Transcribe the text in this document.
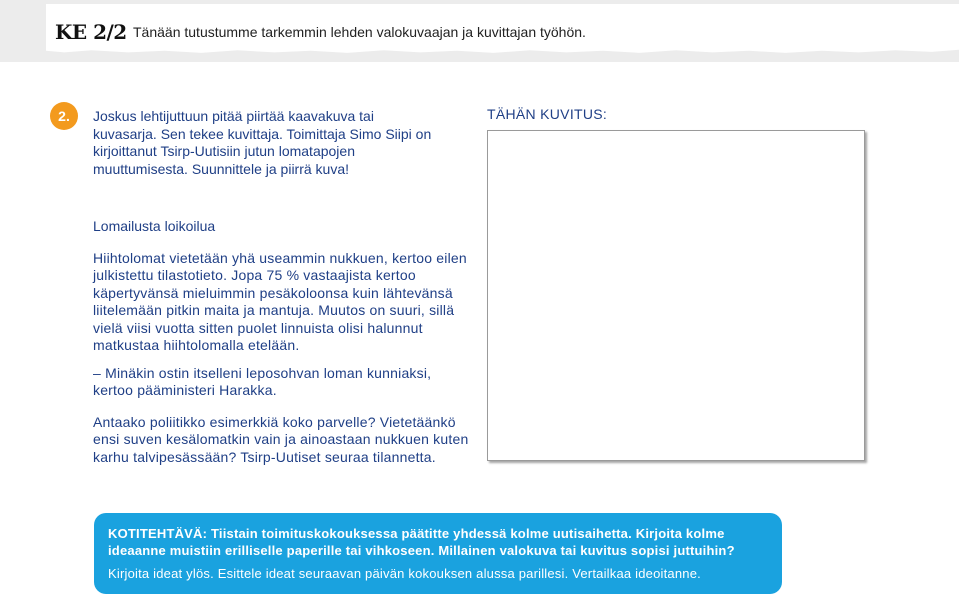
KE 2/2 Tänään tutustumme tarkemmin lehden valokuvaajan ja kuvittajan työhön.
2.	Joskus lehtijuttuun pitää piirtää kaavakuva tai kuvasarja. Sen tekee kuvittaja. Toimittaja Simo Siipi on kirjoittanut Tsirp-Uutisiin jutun lomatapojen muuttumisesta. Suunnittele ja piirrä kuva!
Lomailusta loikoilua
Hiihtolomat vietetään yhä useammin nukkuen, kertoo eilen julkistettu tilastotieto. Jopa 75 % vastaajista kertoo käpertyvänsä mieluimmin pesäkoloonsa kuin lähtevänsä liitelemään pitkin maita ja mantuja. Muutos on suuri, sillä vielä viisi vuotta sitten puolet linnuista olisi halunnut matkustaa hiihtolomalla etelään.
– Minäkin ostin itselleni leposohvan loman kunniaksi, kertoo pääministeri Harakka.
Antaako poliitikko esimerkkiä koko parvelle? Vietetäänkö ensi suven kesälomatkin vain ja ainoastaan nukkuen kuten karhu talvipesässään? Tsirp-Uutiset seuraa tilannetta.
TÄHÄN KUVITUS:
KOTITEHTÄVÄ: Tiistain toimituskokouksessa päätitte yhdessä kolme uutisaihetta. Kirjoita kolme
ideaanne muistiin erilliselle paperille tai vihkoseen. Millainen valokuva tai kuvitus sopisi juttuihin?
Kirjoita ideat ylös. Esittele ideat seuraavan päivän kokouksen alussa parillesi. Vertailkaa ideoitanne.
